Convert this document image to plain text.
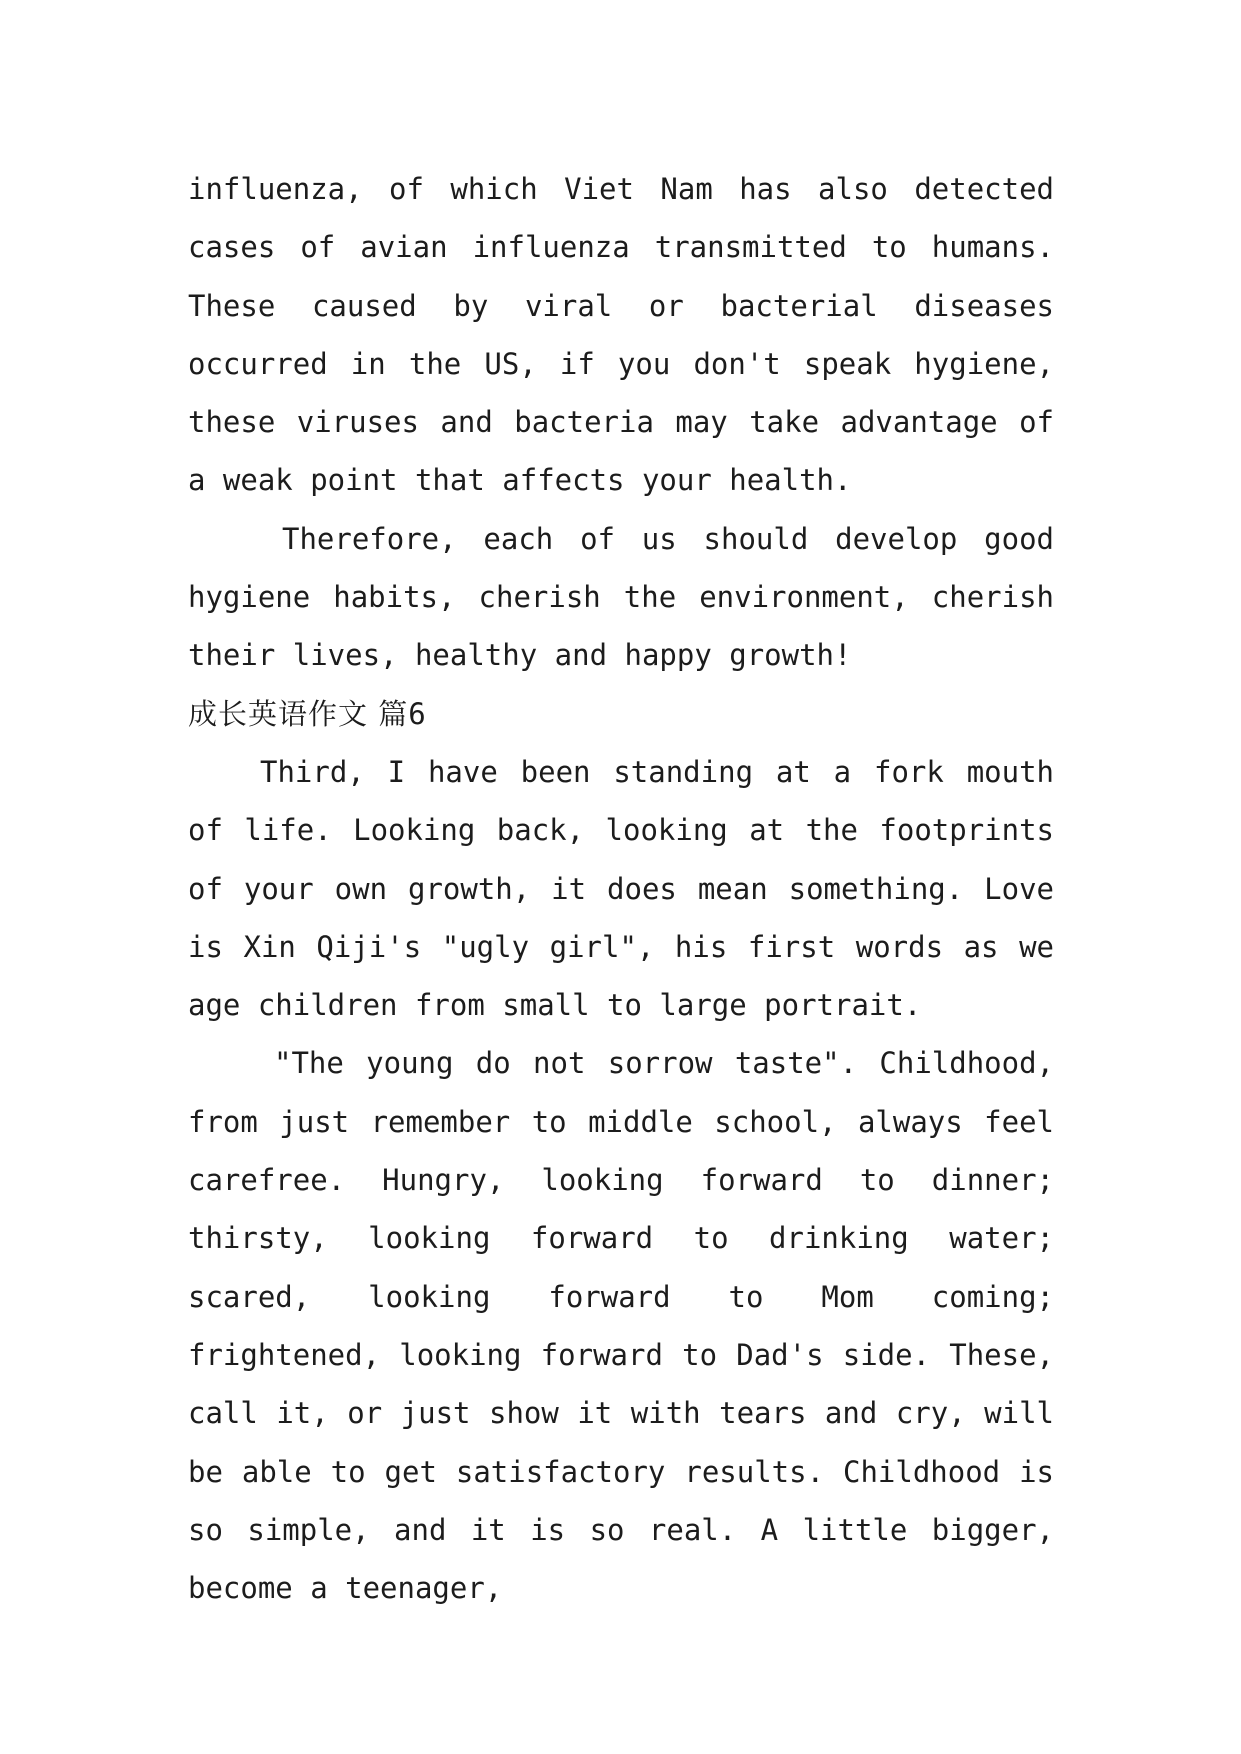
influenza, of which Viet Nam has also detected cases of avian influenza transmitted to humans. These caused by viral or bacterial diseases occurred in the US, if you don't speak hygiene, these viruses and bacteria may take advantage of a weak point that affects your health.

Therefore, each of us should develop good hygiene habits, cherish the environment, cherish their lives, healthy and happy growth!

成长英语作文 篇6

Third, I have been standing at a fork mouth of life. Looking back, looking at the footprints of your own growth, it does mean something. Love is Xin Qiji's "ugly girl", his first words as we age children from small to large portrait.

"The young do not sorrow taste". Childhood, from just remember to middle school, always feel carefree. Hungry, looking forward to dinner; thirsty, looking forward to drinking water; scared, looking forward to Mom coming; frightened, looking forward to Dad's side. These, call it, or just show it with tears and cry, will be able to get satisfactory results. Childhood is so simple, and it is so real. A little bigger, become a teenager,
